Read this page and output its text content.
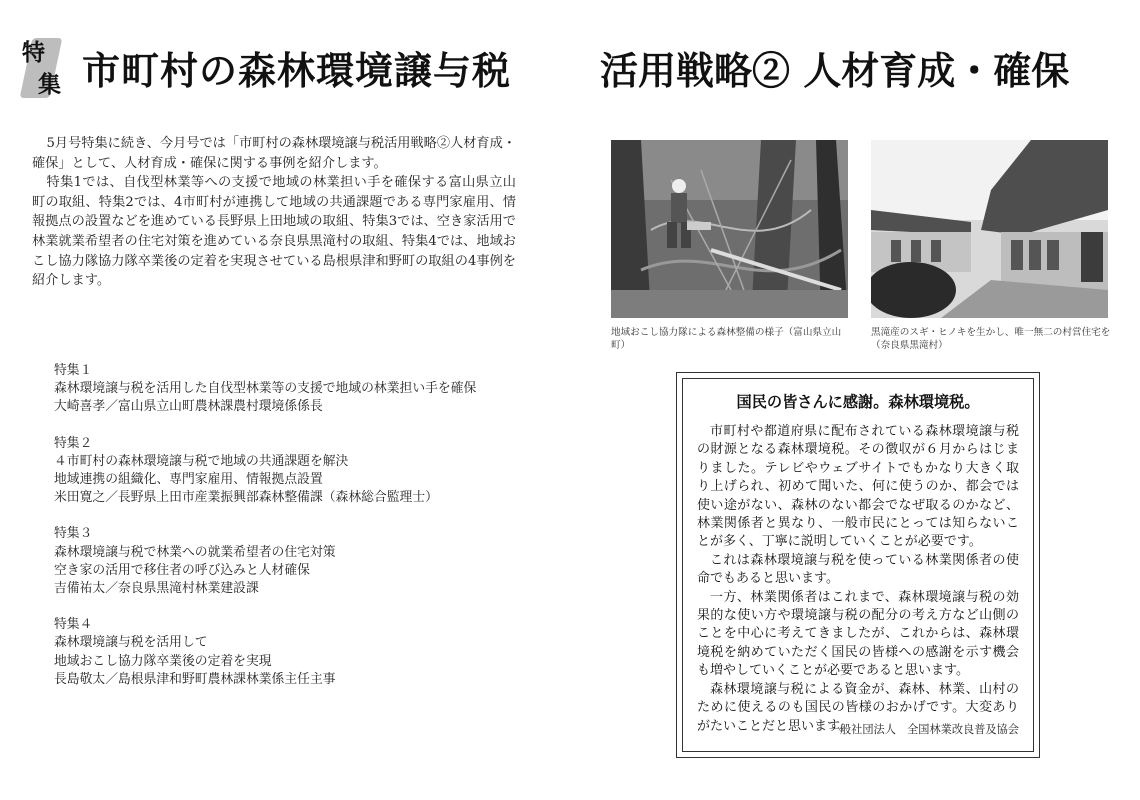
特
集 市町村の森林環境譲与税 活用戦略② 人材育成・確保

5月号特集に続き、今月号では「市町村の森林環境譲与税活用戦略②人材育成・確保」として、人材育成・確保に関する事例を紹介します。

特集1では、自伐型林業等への支援で地域の林業担い手を確保する富山県立山町の取組、特集2では、4市町村が連携して地域の共通課題である専門家雇用、情報拠点の設置などを進めている長野県上田地域の取組、特集3では、空き家活用で林業就業希望者の住宅対策を進めている奈良県黒滝村の取組、特集4では、地域おこし協力隊協力隊卒業後の定着を実現させている島根県津和野町の取組の4事例を紹介します。

地域おこし協力隊による森林整備の様子（富山県立山町）
黒滝産のスギ・ヒノキを生かし、唯一無二の村営住宅を（奈良県黒滝村）
特集１
森林環境譲与税を活用した自伐型林業等の支援で地域の林業担い手を確保
大崎喜孝／富山県立山町農林課農村環境係係長
特集２
４市町村の森林環境譲与税で地域の共通課題を解決
地域連携の組織化、専門家雇用、情報拠点設置
米田寛之／長野県上田市産業振興部森林整備課（森林総合監理士）
特集３
森林環境譲与税で林業への就業希望者の住宅対策
空き家の活用で移住者の呼び込みと人材確保
吉備祐太／奈良県黒滝村林業建設課
特集４
森林環境譲与税を活用して
地域おこし協力隊卒業後の定着を実現
長島敬太／島根県津和野町農林課林業係主任主事
国民の皆さんに感謝。森林環境税。

市町村や都道府県に配布されている森林環境譲与税の財源となる森林環境税。その徴収が６月からはじまりました。テレビやウェブサイトでもかなり大きく取り上げられ、初めて聞いた、何に使うのか、都会では使い途がない、森林のない都会でなぜ取るのかなど、林業関係者と異なり、一般市民にとっては知らないことが多く、丁寧に説明していくことが必要です。

これは森林環境譲与税を使っている林業関係者の使命でもあると思います。

一方、林業関係者はこれまで、森林環境譲与税の効果的な使い方や環境譲与税の配分の考え方など山側のことを中心に考えてきましたが、これからは、森林環境税を納めていただく国民の皆様への感謝を示す機会も増やしていくことが必要であると思います。

森林環境譲与税による資金が、森林、林業、山村のために使えるのも国民の皆様のおかげです。大変ありがたいことだと思います。

一般社団法人　全国林業改良普及協会
